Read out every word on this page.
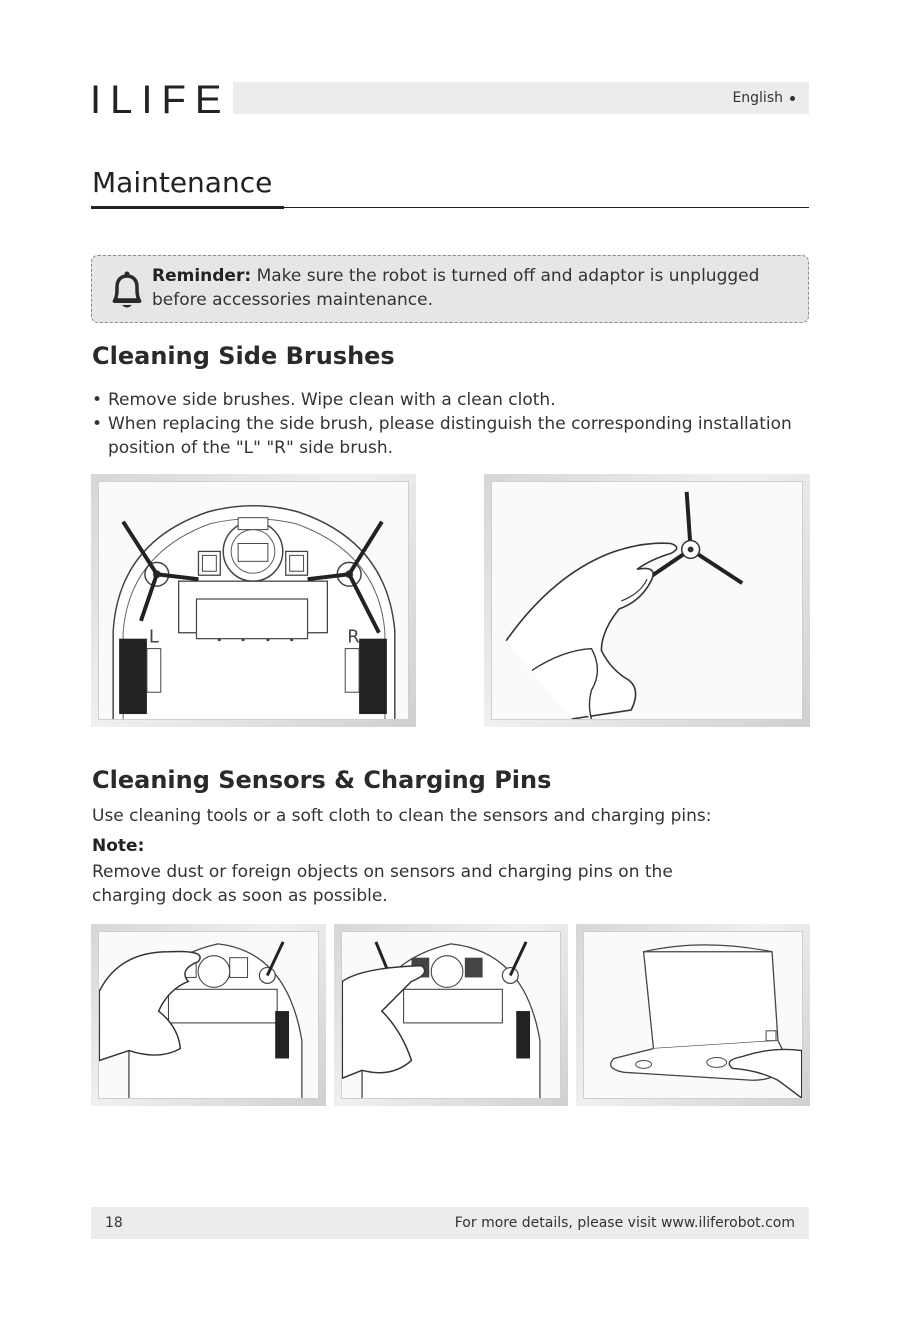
ILIFE	English
Maintenance
Reminder: Make sure the robot is turned off and adaptor is unplugged before accessories maintenance.
Cleaning Side Brushes
• Remove side brushes. Wipe clean with a clean cloth.
• When replacing the side brush, please distinguish the corresponding installation position of the "L" "R" side brush.
L	R
Cleaning Sensors & Charging Pins
Use cleaning tools or a soft cloth to clean the sensors and charging pins:
Note:
Remove dust or foreign objects on sensors and charging pins on the charging dock as soon as possible.
18	For more details, please visit www.iliferobot.com
